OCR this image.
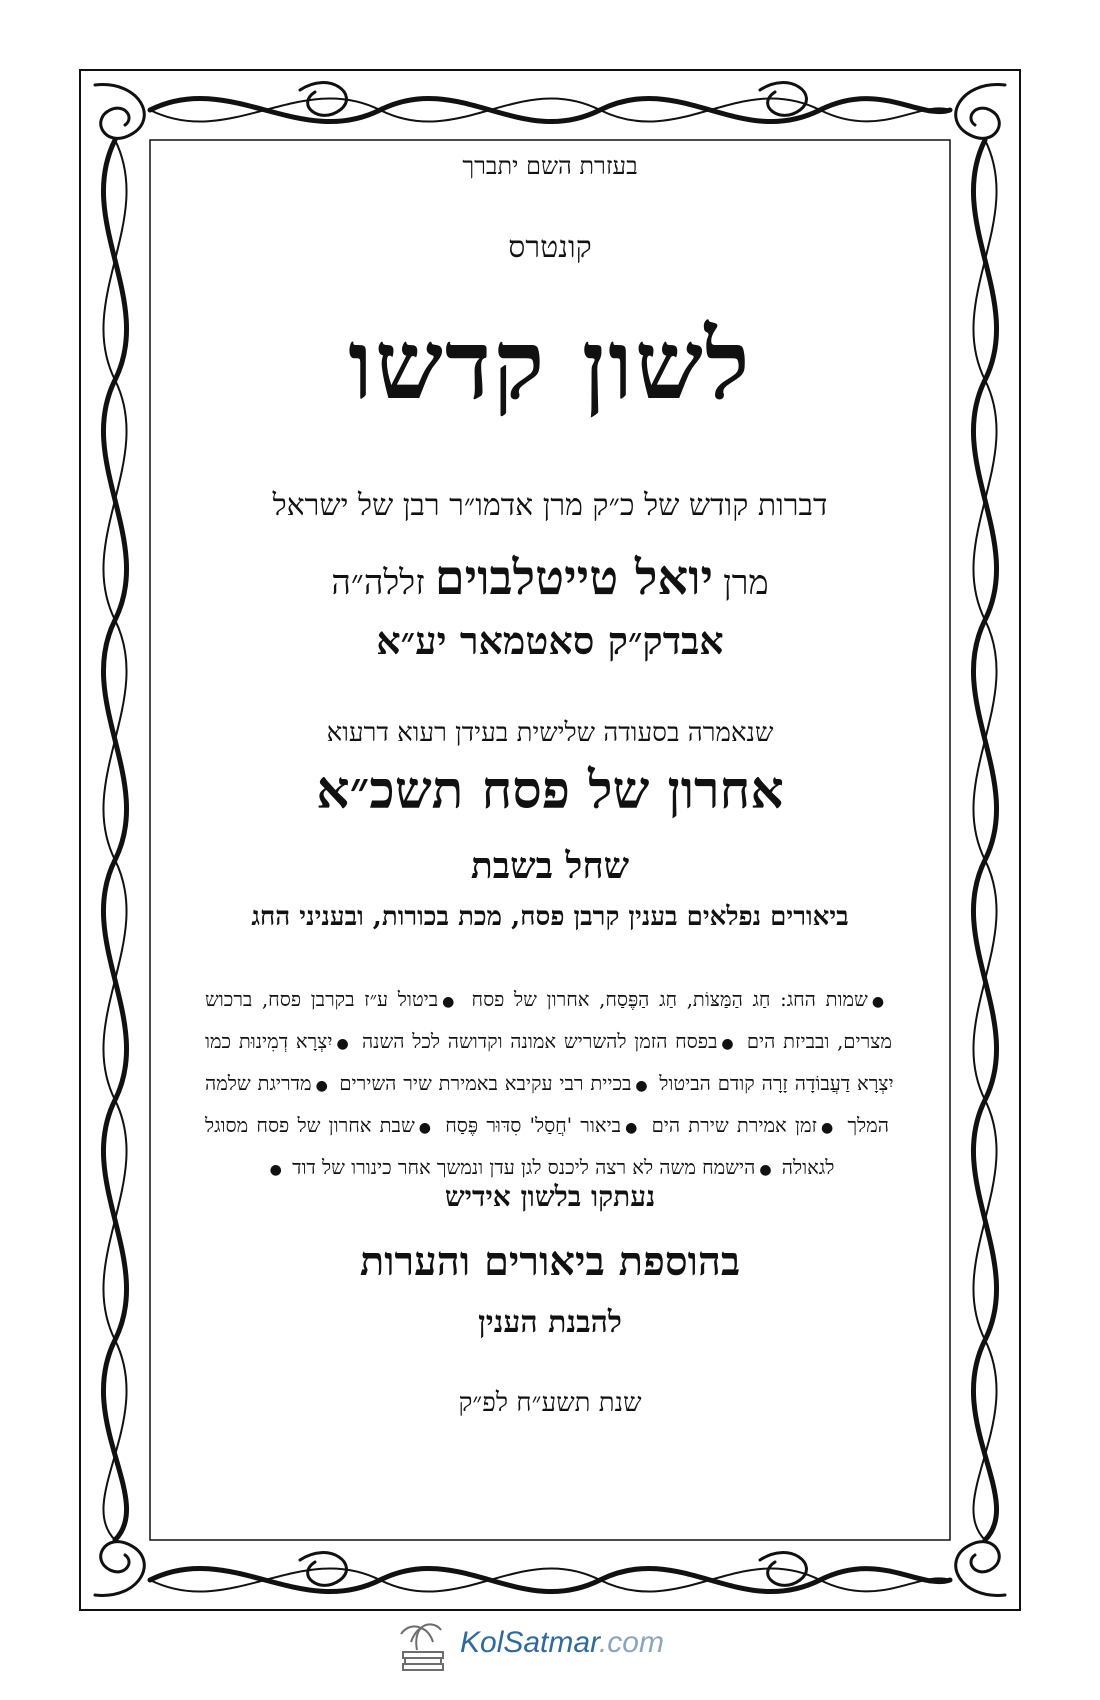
בעזרת השם יתברך

קונטרס

לשון קדשו

דברות קודש של כ״ק מרן אדמו״ר רבן של ישראל

מרןיואל טייטלבויםזללה״ה

אבדק״ק סאטמאר יע״א

שנאמרה בסעודה שלישית בעידן רעוא דרעוא

אחרון של פסח תשכ״א

שחל בשבת

ביאורים נפלאים בענין קרבן פסח, מכת בכורות, ובעניני החג

●שמות החג: חַג הַמַּצּוֹת, חַג הַפֶּסַח, אחרון של פסח ●ביטול ע״ז בקרבן פסח, ברכוש מצרים, ובביזת הים ●בפסח הזמן להשריש אמונה וקדושה לכל השנה ●יִצְרָא דְמִינוּת כמו יִצְרָא דַעֲבוֹדָה זָרָה קודם הביטול ●בכיית רבי עקיבא באמירת שיר השירים ●מדריגת שלמה המלך ●זמן אמירת שירת הים ●ביאור 'חֲסַל' סִדּוּר פֶּסַח ●שבת אחרון של פסח מסוגל לגאולה ●הישמח משה לא רצה ליכנס לגן עדן ונמשך אחר כינורו של דוד ●

נעתקו בלשון אידיש

בהוספת ביאורים והערות

להבנת הענין

שנת תשע״ח לפ״ק

KolSatmar.com
